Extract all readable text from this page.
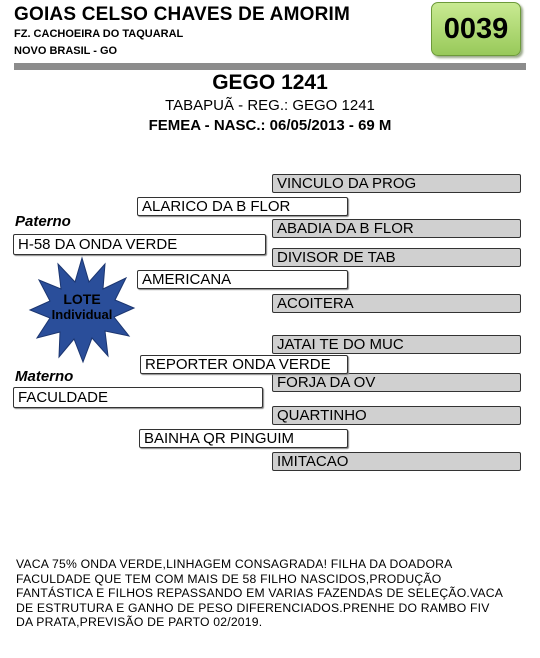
GOIAS CELSO CHAVES DE AMORIM
FZ. CACHOEIRA DO TAQUARAL
NOVO BRASIL - GO
0039
GEGO 1241
TABAPUÃ - REG.: GEGO 1241
FEMEA - NASC.: 06/05/2013 - 69 M
VINCULO DA PROG
ABADIA DA B FLOR
DIVISOR DE TAB
ACOITERA
JATAI TE DO MUC
FORJA DA OV
QUARTINHO
IMITACAO
ALARICO DA B FLOR
AMERICANA
REPORTER ONDA VERDE
BAINHA QR PINGUIM
Paterno
H-58 DA ONDA VERDE
Materno
FACULDADE
LOTE
Individual
VACA 75% ONDA VERDE,LINHAGEM CONSAGRADA! FILHA DA DOADORA FACULDADE QUE TEM COM MAIS DE 58 FILHO NASCIDOS,PRODUÇÃO FANTÁSTICA E FILHOS REPASSANDO EM VARIAS FAZENDAS DE SELEÇÃO.VACA DE ESTRUTURA E GANHO DE PESO DIFERENCIADOS.PRENHE DO RAMBO FIV DA PRATA,PREVISÃO DE PARTO 02/2019.
